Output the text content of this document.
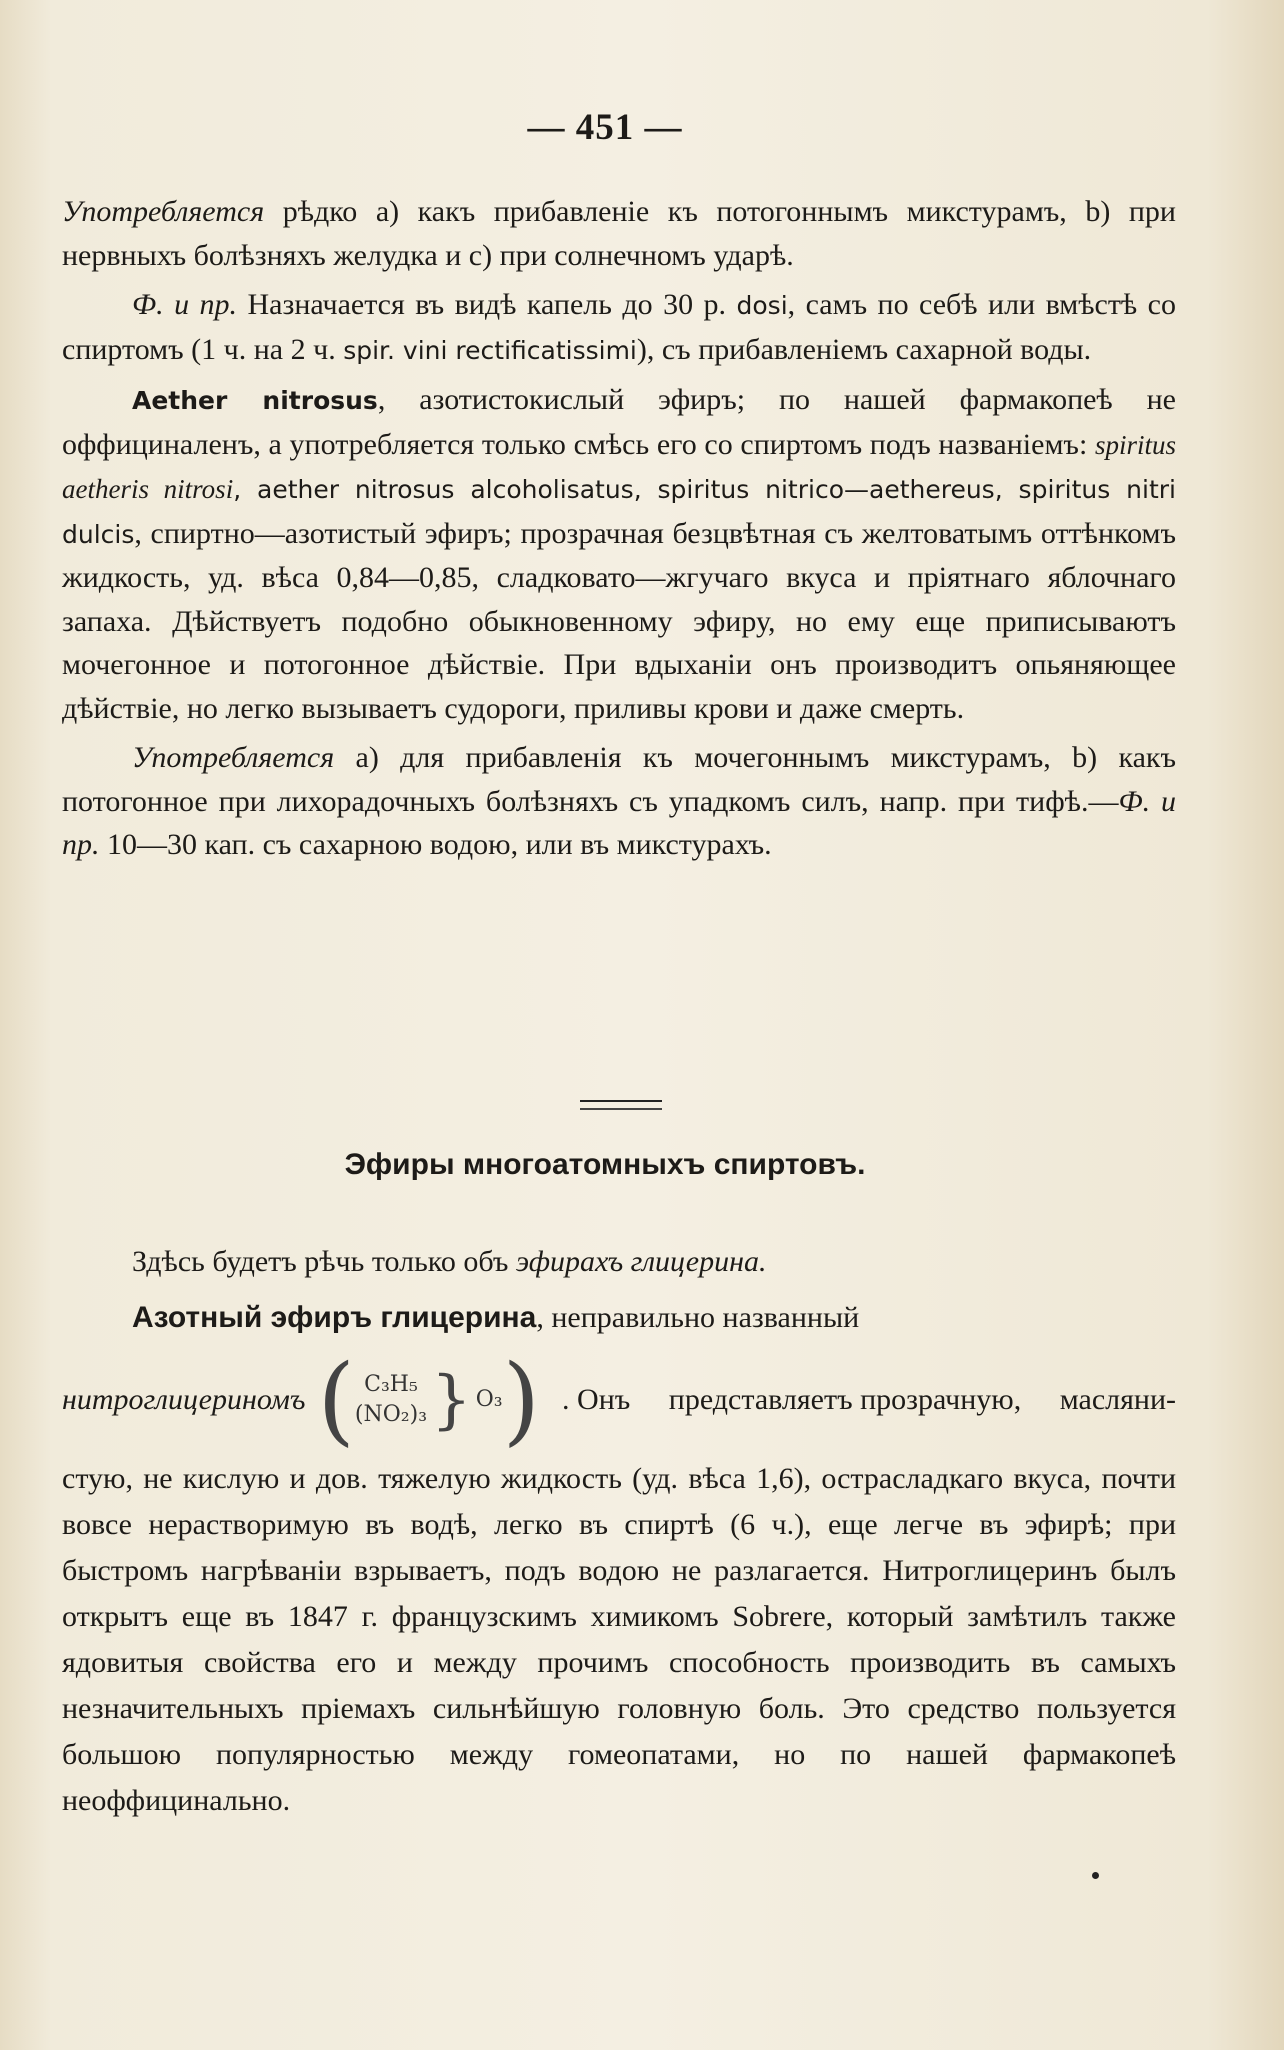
— 451 —

Употребляется рѣдко a) какъ прибавленіе къ потогоннымъ микстурамъ, b) при нервныхъ болѣзняхъ желудка и c) при солнечномъ ударѣ.

Ф. и пр. Назначается въ видѣ капель до 30 р. dosi, самъ по себѣ или вмѣстѣ со спиртомъ (1 ч. на 2 ч. spir. vini rectificatissimi), съ прибавленіемъ сахарной воды.

Aether nitrosus, азотистокислый эфиръ; по нашей фармакопеѣ не оффициналенъ, а употребляется только смѣсь его со спиртомъ подъ названіемъ: spiritus aetheris nitrosi, aether nitrosus alcoholisatus, spiritus nitrico—aethereus, spiritus nitri dulcis, спиртно—азотистый эфиръ; прозрачная безцвѣтная съ желтоватымъ оттѣнкомъ жидкость, уд. вѣса 0,84—0,85, сладковато—жгучаго вкуса и пріятнаго яблочнаго запаха. Дѣйствуетъ подобно обыкновенному эфиру, но ему еще приписываютъ мочегонное и потогонное дѣйствіе. При вдыханіи онъ производитъ опьяняющее дѣйствіе, но легко вызываетъ судороги, приливы крови и даже смерть.

Употребляется a) для прибавленія къ мочегоннымъ микстурамъ, b) какъ потогонное при лихорадочныхъ болѣзняхъ съ упадкомъ силъ, напр. при тифѣ.—Ф. и пр. 10—30 кап. съ сахарною водою, или въ микстурахъ.

Эфиры многоатомныхъ спиртовъ.

Здѣсь будетъ рѣчь только объ эфирахъ глицерина.

Азотный эфиръ глицерина, неправильно названный

нитроглицериномъ ( C₃H₅
(NO₂)₃ } O₃ ) . Онъ представляетъ прозрачную, масляни-
стую, не кислую и дов. тяжелую жидкость (уд. вѣса 1,6), острасладкаго вкуса, почти вовсе нерастворимую въ водѣ, легко въ спиртѣ (6 ч.), еще легче въ эфирѣ; при быстромъ нагрѣваніи взрываетъ, подъ водою не разлагается. Нитроглицеринъ былъ открытъ еще въ 1847 г. французскимъ химикомъ Sobrere, который замѣтилъ также ядовитыя свойства его и между прочимъ способность производить въ самыхъ незначительныхъ пріемахъ сильнѣйшую головную боль. Это средство пользуется большою популярностью между гомеопатами, но по нашей фармакопеѣ неоффицинально.
